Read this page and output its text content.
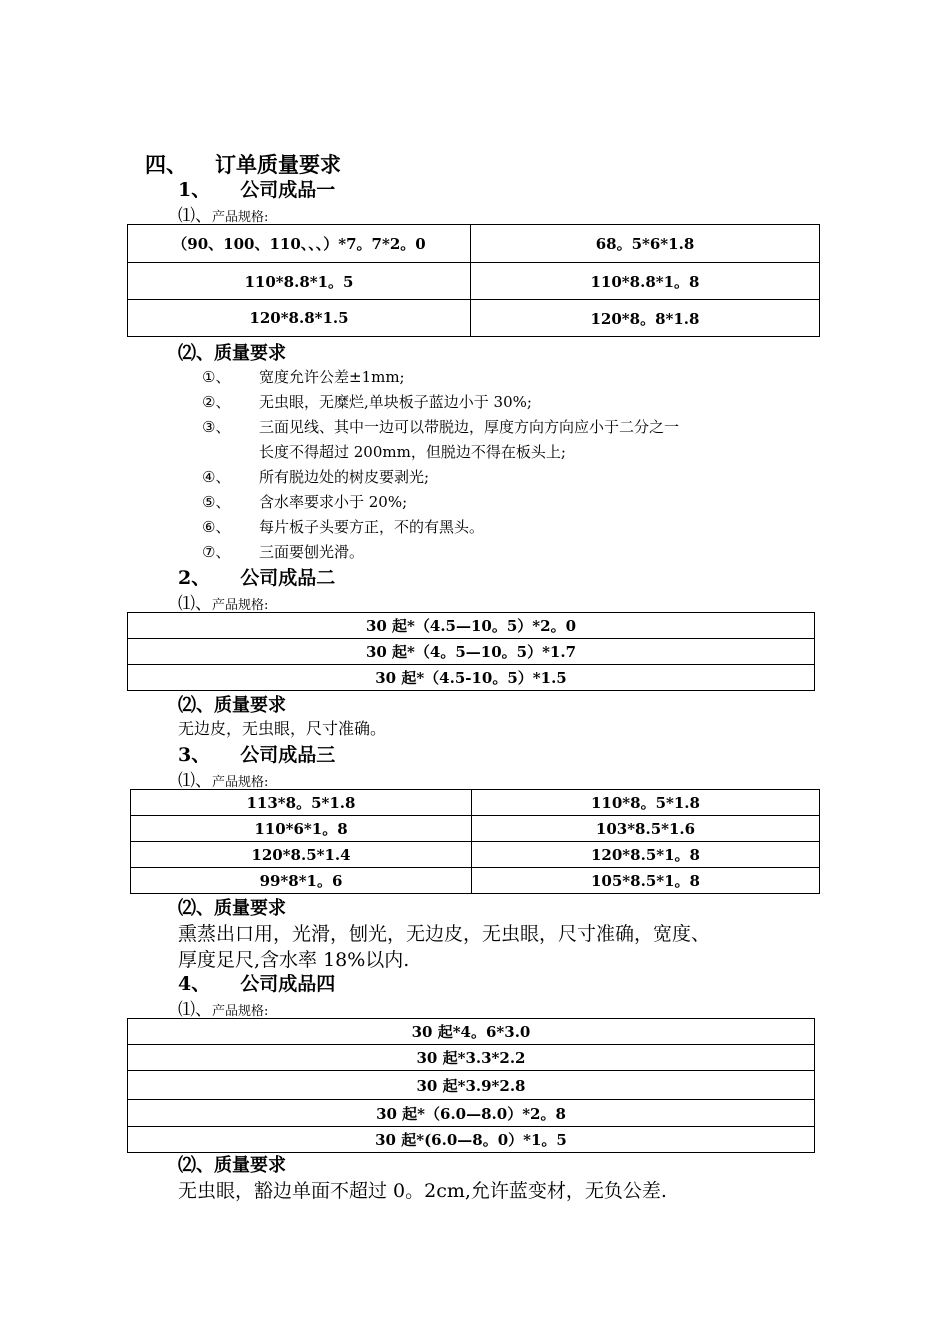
四、 订单质量要求
1、 公司成品一
⑴、产品规格:
（90、100、110、、、）*7。7*2。0	68。5*6*1.8
110*8.8*1。5	110*8.8*1。8
120*8.8*1.5	120*8。8*1.8
⑵、质量要求
①、 宽度允许公差±1mm;
②、 无虫眼，无糜烂,单块板子蓝边小于 30%;
③、 三面见线、其中一边可以带脱边，厚度方向方向应小于二分之一
长度不得超过 200mm，但脱边不得在板头上;
④、 所有脱边处的树皮要剥光;
⑤、 含水率要求小于 20%;
⑥、 每片板子头要方正，不的有黑头。
⑦、 三面要刨光滑。
2、 公司成品二
⑴、产品规格:
30 起*（4.5—10。5）*2。0
30 起*（4。5—10。5）*1.7
30 起*（4.5-10。5）*1.5
⑵、质量要求
无边皮，无虫眼，尺寸准确。
3、 公司成品三
⑴、产品规格:
113*8。5*1.8	110*8。5*1.8
110*6*1。8	103*8.5*1.6
120*8.5*1.4	120*8.5*1。8
99*8*1。6	105*8.5*1。8
⑵、质量要求
熏蒸出口用，光滑，刨光，无边皮，无虫眼，尺寸准确，宽度、
厚度足尺,含水率 18%以内.
4、 公司成品四
⑴、产品规格:
30 起*4。6*3.0
30 起*3.3*2.2
30 起*3.9*2.8
30 起*（6.0—8.0）*2。8
30 起*(6.0—8。0）*1。5
⑵、质量要求
无虫眼，豁边单面不超过 0。2cm,允许蓝变材，无负公差.
